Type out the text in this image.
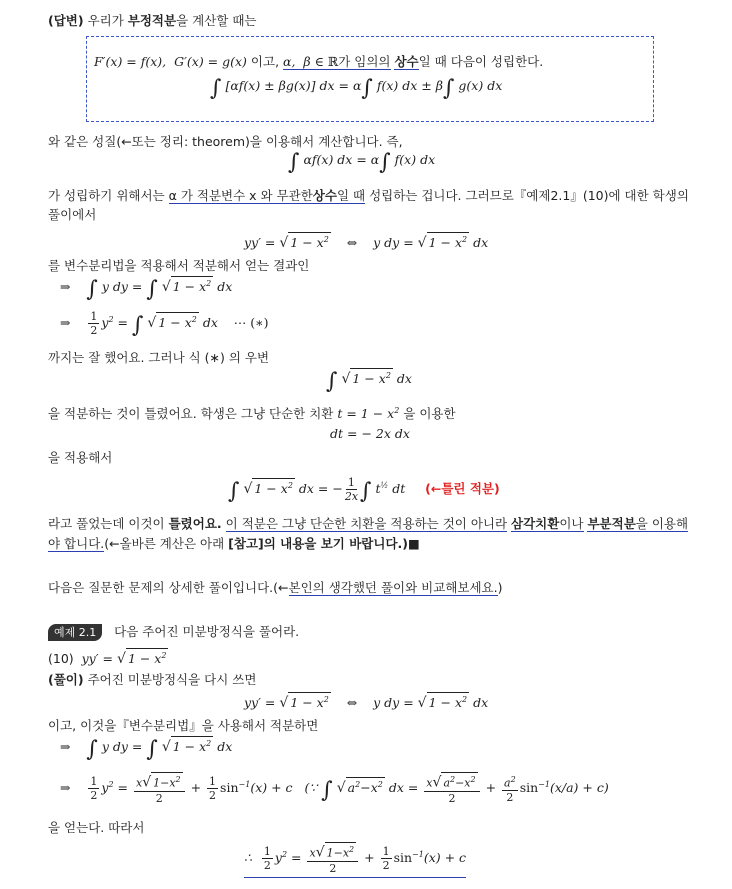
(답변) 우리가 부정적분을 계산할 때는
F′(x) = f(x),  G′(x) = g(x) 이고, α,  β ∈ ℝ가 임의의 상수일 때 다음이 성립한다.
∫ [αf(x) ± βg(x)] dx = α∫ f(x) dx ± β∫ g(x) dx
와 같은 성질(←또는 정리: theorem)을 이용해서 계산합니다. 즉,
∫ αf(x) dx = α∫ f(x) dx
가 성립하기 위해서는 α 가 적분변수 x 와 무관한상수일 때 성립하는 겁니다. 그러므로『예제2.1』(10)에 대한 학생의
풀이에서
yy′ = √ $1 - x^2$ ⇔    y dy = √ $1 - x^2$ dx
를 변수분리법을 적용해서 적분해서 얻는 결과인
⇒ ∫ y dy = ∫ √ $1 - x^2$ dx
⇒ $\frac{1}{2} y^2$ = ∫ √ $1 - x^2$ dx    ⋯ (∗)
까지는 잘 했어요. 그러나 식 (∗) 의 우변
∫ √ $1 - x^2$ dx
을 적분하는 것이 틀렸어요. 학생은 그냥 단순한 치환 $t = 1 - x^2$ 을 이용한
dt = − 2x dx
을 적용해서
∫ √ $1 - x^2$ dx = − $\frac{1}{2x}$ ∫ $t^{\frac{1}{2}}$ dt (←틀린 적분)
라고 풀었는데 이것이 틀렸어요. 이 적분은 그냥 단순한 치환을 적용하는 것이 아니라 삼각치환이나 부분적분을 이용해
야 합니다.(←올바른 계산은 아래 [참고]의 내용을 보기 바랍니다.)■
다음은 질문한 문제의 상세한 풀이입니다.(←본인의 생각했던 풀이와 비교해보세요.)
예제 2.1 다음 주어진 미분방정식을 풀어라.
(10) yy′ = √ $1 - x^2$
(풀이) 주어진 미분방정식을 다시 쓰면
yy′ = √ $1 - x^2$ ⇔    y dy = √ $1 - x^2$ dx
이고, 이것을『변수분리법』을 사용해서 적분하면
⇒ ∫ y dy = ∫ √ $1 - x^2$ dx
⇒ $\frac{1}{2} y^2 = \frac{x√ 1-x^2}{2} + \frac{1}{2} \sin^{-1}(x) + c$ (∵ ∫ √ $a^2-x^2$ dx = $\frac{x√ a^2-x^2}{2} + \frac{a^2}{2} \sin^{-1}(x/a) + c$)
을 얻는다. 따라서
∴ $\frac{1}{2} y^2 = \frac{x√ 1-x^2}{2} + \frac{1}{2} \sin^{-1}(x) + c$
